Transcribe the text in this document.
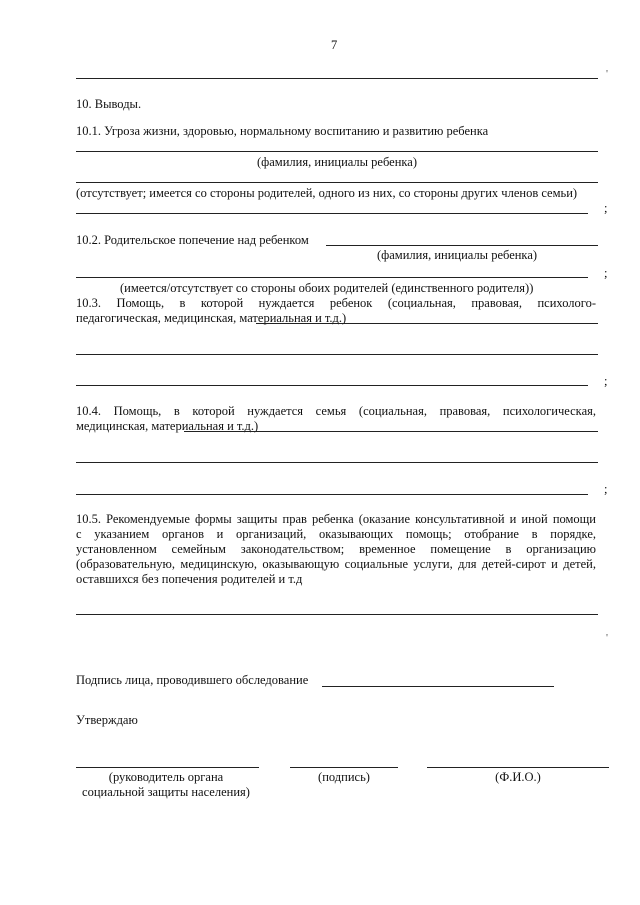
7
'
10. Выводы.
10.1. Угроза жизни, здоровью, нормальному воспитанию и развитию ребенка
(фамилия, инициалы ребенка)
(отсутствует; имеется со стороны родителей, одного из них, со стороны других членов семьи)
;
10.2. Родительское попечение над ребенком
(фамилия, инициалы ребенка)
;
(имеется/отсутствует со стороны обоих родителей (единственного родителя))
10.3. Помощь, в которой нуждается ребенок (социальная, правовая, психолого-
педагогическая, медицинская, материальная и т.д.)
;
10.4. Помощь, в которой нуждается семья (социальная, правовая, психологическая,
медицинская, материальная и т.д.)
;
10.5. Рекомендуемые формы защиты прав ребенка (оказание консультативной и иной помощи
с указанием органов и организаций, оказывающих помощь; отобрание в порядке,
установленном семейным законодательством; временное помещение в организацию
(образовательную, медицинскую, оказывающую социальные услуги, для детей-сирот и детей,
оставшихся без попечения родителей и т.д
'
Подпись лица, проводившего обследование
Утверждаю
(руководитель органа
социальной защиты населения)
(подпись)	(Ф.И.О.)
